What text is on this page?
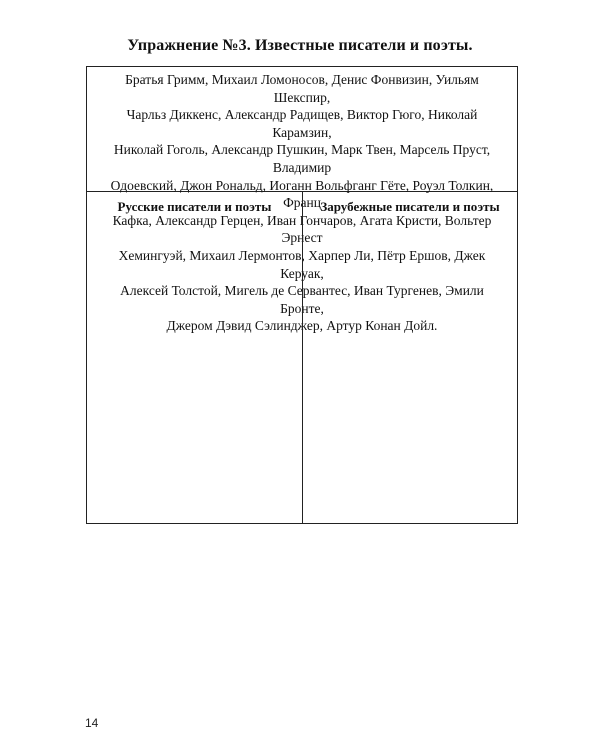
Упражнение №3. Известные писатели и поэты.
Братья Гримм, Михаил Ломоносов, Денис Фонвизин, Уильям Шекспир,
Чарльз Диккенс, Александр Радищев, Виктор Гюго, Николай Карамзин,
Николай Гоголь, Александр Пушкин, Марк Твен, Марсель Пруст, Владимир
Одоевский, Джон Рональд, Иоганн Вольфганг Гёте, Роуэл Толкин, Франц
Кафка, Александр Герцен, Иван Гончаров, Агата Кристи, Вольтер Эрнест
Хемингуэй, Михаил Лермонтов, Харпер Ли, Пётр Ершов, Джек Керуак,
Алексей Толстой, Мигель де Сервантес, Иван Тургенев, Эмили Бронте,
Джером Дэвид Сэлинджер, Артур Конан Дойл.
Русские писатели и поэты	Зарубежные писатели и поэты
14
